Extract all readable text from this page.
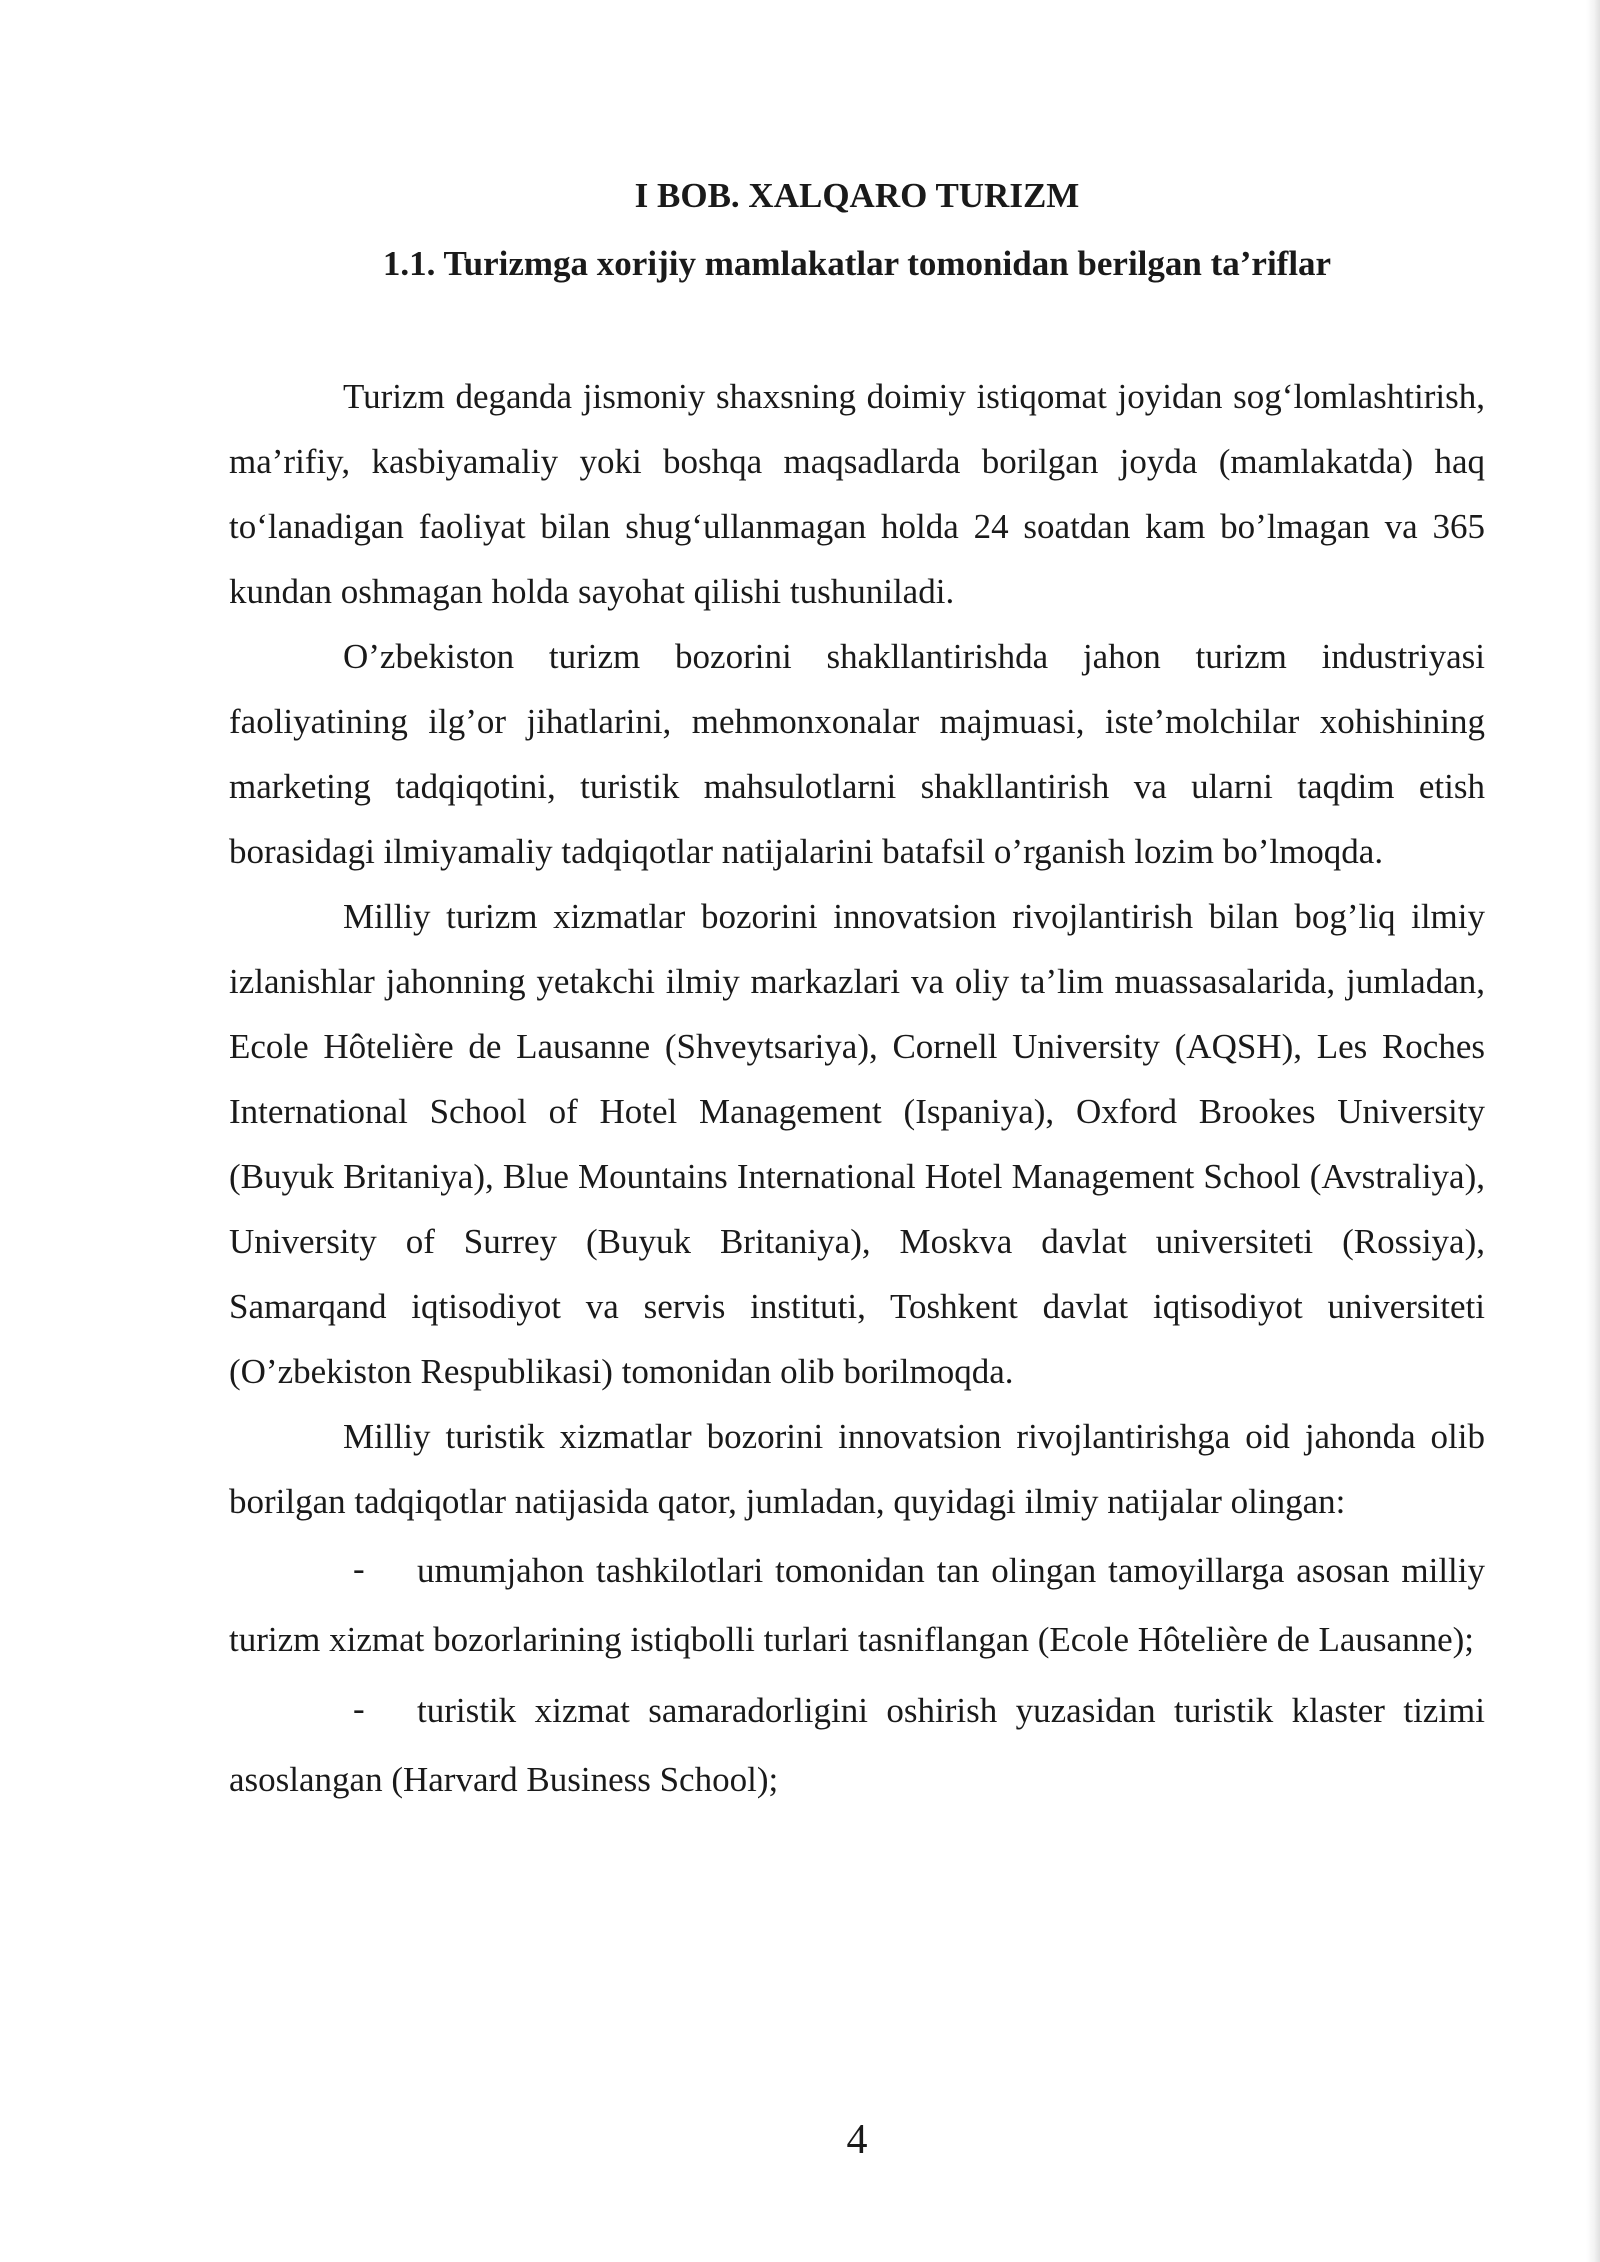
I BOB. XALQARO TURIZM
1.1. Turizmga xorijiy mamlakatlar tomonidan berilgan ta’riflar

Turizm deganda jismoniy shaxsning doimiy istiqomat joyidan sog‘lomlashtirish, ma’rifiy, kasbiyamaliy yoki boshqa maqsadlarda borilgan joyda (mamlakatda) haq to‘lanadigan faoliyat bilan shug‘ullanmagan holda 24 soatdan kam bo’lmagan va 365 kundan oshmagan holda sayohat qilishi tushuniladi.

O’zbekiston turizm bozorini shakllantirishda jahon turizm industriyasi faoliyatining ilg’or jihatlarini, mehmonxonalar majmuasi, iste’molchilar xohishining marketing tadqiqotini, turistik mahsulotlarni shakllantirish va ularni taqdim etish borasidagi ilmiyamaliy tadqiqotlar natijalarini batafsil o’rganish lozim bo’lmoqda.

Milliy turizm xizmatlar bozorini innovatsion rivojlantirish bilan bog’liq ilmiy izlanishlar jahonning yetakchi ilmiy markazlari va oliy ta’lim muassasalarida, jumladan, Ecole Hôtelière de Lausanne (Shveytsariya), Cornell University (AQSH), Les Roches International School of Hotel Management (Ispaniya), Oxford Brookes University (Buyuk Britaniya), Blue Mountains International Hotel Management School (Avstraliya), University of Surrey (Buyuk Britaniya), Moskva davlat universiteti (Rossiya), Samarqand iqtisodiyot va servis instituti, Toshkent davlat iqtisodiyot universiteti (O’zbekiston Respublikasi) tomonidan olib borilmoqda.

Milliy turistik xizmatlar bozorini innovatsion rivojlantirishga oid jahonda olib borilgan tadqiqotlar natijasida qator, jumladan, quyidagi ilmiy natijalar olingan:

- umumjahon tashkilotlari tomonidan tan olingan tamoyillarga asosan milliy turizm xizmat bozorlarining istiqbolli turlari tasniflangan (Ecole Hôtelière de Lausanne);
- turistik xizmat samaradorligini oshirish yuzasidan turistik klaster tizimi asoslangan (Harvard Business School);
4
